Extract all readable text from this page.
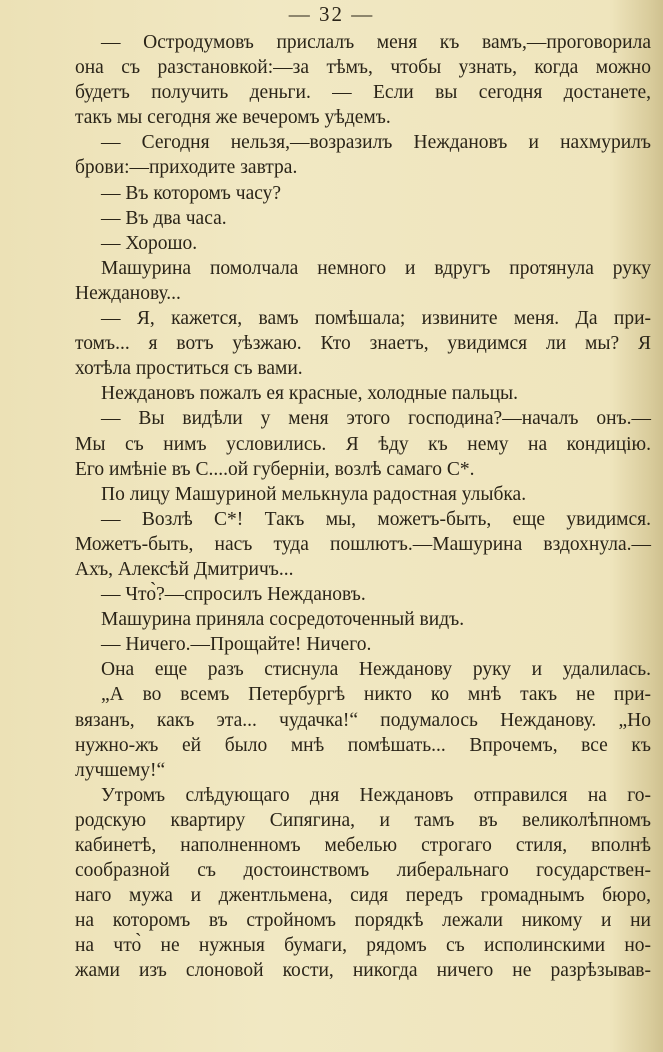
— 32 —
— Остродумовъ прислалъ меня къ вамъ,—проговорила
она съ разстановкой:—за тѣмъ, чтобы узнать, когда можно
будетъ получить деньги. — Если вы сегодня достанете,
такъ мы сегодня же вечеромъ уѣдемъ.
— Сегодня нельзя,—возразилъ Неждановъ и нахмурилъ
брови:—приходите завтра.
— Въ которомъ часу?
— Въ два часа.
— Хорошо.
Машурина помолчала немного и вдругъ протянула руку
Нежданову...
— Я, кажется, вамъ помѣшала; извините меня. Да при-
томъ... я вотъ уѣзжаю. Кто знаетъ, увидимся ли мы? Я
хотѣла проститься съ вами.
Неждановъ пожалъ ея красные, холодные пальцы.
— Вы видѣли у меня этого господина?—началъ онъ.—
Мы съ нимъ условились. Я ѣду къ нему на кондицію.
Его имѣніе въ С....ой губерніи, возлѣ самаго С*.
По лицу Машуриной мелькнула радостная улыбка.
— Возлѣ С*! Такъ мы, можетъ-быть, еще увидимся.
Можетъ-быть, насъ туда пошлютъ.—Машурина вздохнула.—
Ахъ, Алексѣй Дмитричъ...
— Что̀?—спросилъ Неждановъ.
Машурина приняла сосредоточенный видъ.
— Ничего.—Прощайте! Ничего.
Она еще разъ стиснула Нежданову руку и удалилась.
„А во всемъ Петербургѣ никто ко мнѣ такъ не при-
вязанъ, какъ эта... чудачка!“ подумалось Нежданову. „Но
нужно-жъ ей было мнѣ помѣшать... Впрочемъ, все къ
лучшему!“
Утромъ слѣдующаго дня Неждановъ отправился на го-
родскую квартиру Сипягина, и тамъ въ великолѣпномъ
кабинетѣ, наполненномъ мебелью строгаго стиля, вполнѣ
сообразной съ достоинствомъ либеральнаго государствен-
наго мужа и джентльмена, сидя передъ громаднымъ бюро,
на которомъ въ стройномъ порядкѣ лежали никому и ни
на что̀ не нужныя бумаги, рядомъ съ исполинскими но-
жами изъ слоновой кости, никогда ничего не разрѣзывав-
